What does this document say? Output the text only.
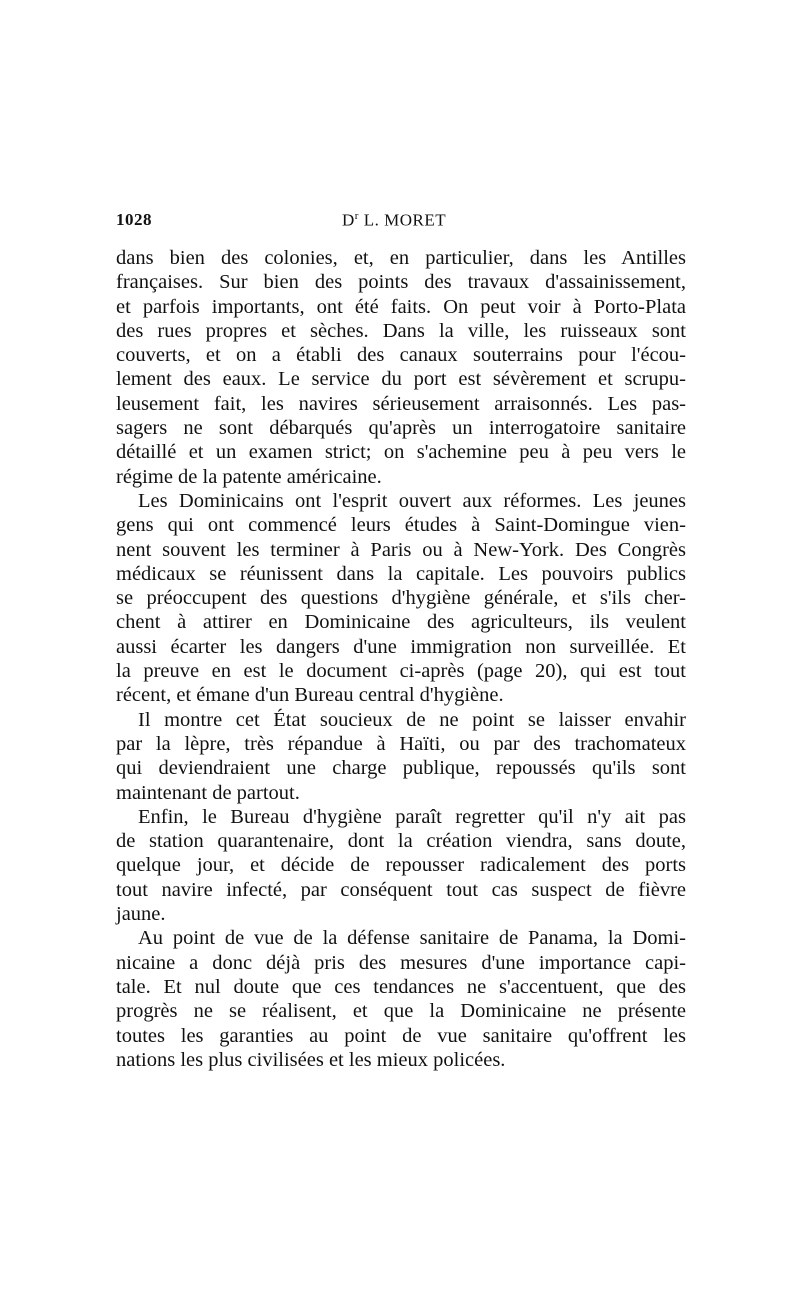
1028	$D^r$ L. MORET
dans bien des colonies, et, en particulier, dans les Antilles
françaises. Sur bien des points des travaux d'assainissement,
et parfois importants, ont été faits. On peut voir à Porto-Plata
des rues propres et sèches. Dans la ville, les ruisseaux sont
couverts, et on a établi des canaux souterrains pour l'écou-
lement des eaux. Le service du port est sévèrement et scrupu-
leusement fait, les navires sérieusement arraisonnés. Les pas-
sagers ne sont débarqués qu'après un interrogatoire sanitaire
détaillé et un examen strict; on s'achemine peu à peu vers le
régime de la patente américaine.
Les Dominicains ont l'esprit ouvert aux réformes. Les jeunes
gens qui ont commencé leurs études à Saint-Domingue vien-
nent souvent les terminer à Paris ou à New-York. Des Congrès
médicaux se réunissent dans la capitale. Les pouvoirs publics
se préoccupent des questions d'hygiène générale, et s'ils cher-
chent à attirer en Dominicaine des agriculteurs, ils veulent
aussi écarter les dangers d'une immigration non surveillée. Et
la preuve en est le document ci-après (page 20), qui est tout
récent, et émane d'un Bureau central d'hygiène.
Il montre cet État soucieux de ne point se laisser envahir
par la lèpre, très répandue à Haïti, ou par des trachomateux
qui deviendraient une charge publique, repoussés qu'ils sont
maintenant de partout.
Enfin, le Bureau d'hygiène paraît regretter qu'il n'y ait pas
de station quarantenaire, dont la création viendra, sans doute,
quelque jour, et décide de repousser radicalement des ports
tout navire infecté, par conséquent tout cas suspect de fièvre
jaune.
Au point de vue de la défense sanitaire de Panama, la Domi-
nicaine a donc déjà pris des mesures d'une importance capi-
tale. Et nul doute que ces tendances ne s'accentuent, que des
progrès ne se réalisent, et que la Dominicaine ne présente
toutes les garanties au point de vue sanitaire qu'offrent les
nations les plus civilisées et les mieux policées.
